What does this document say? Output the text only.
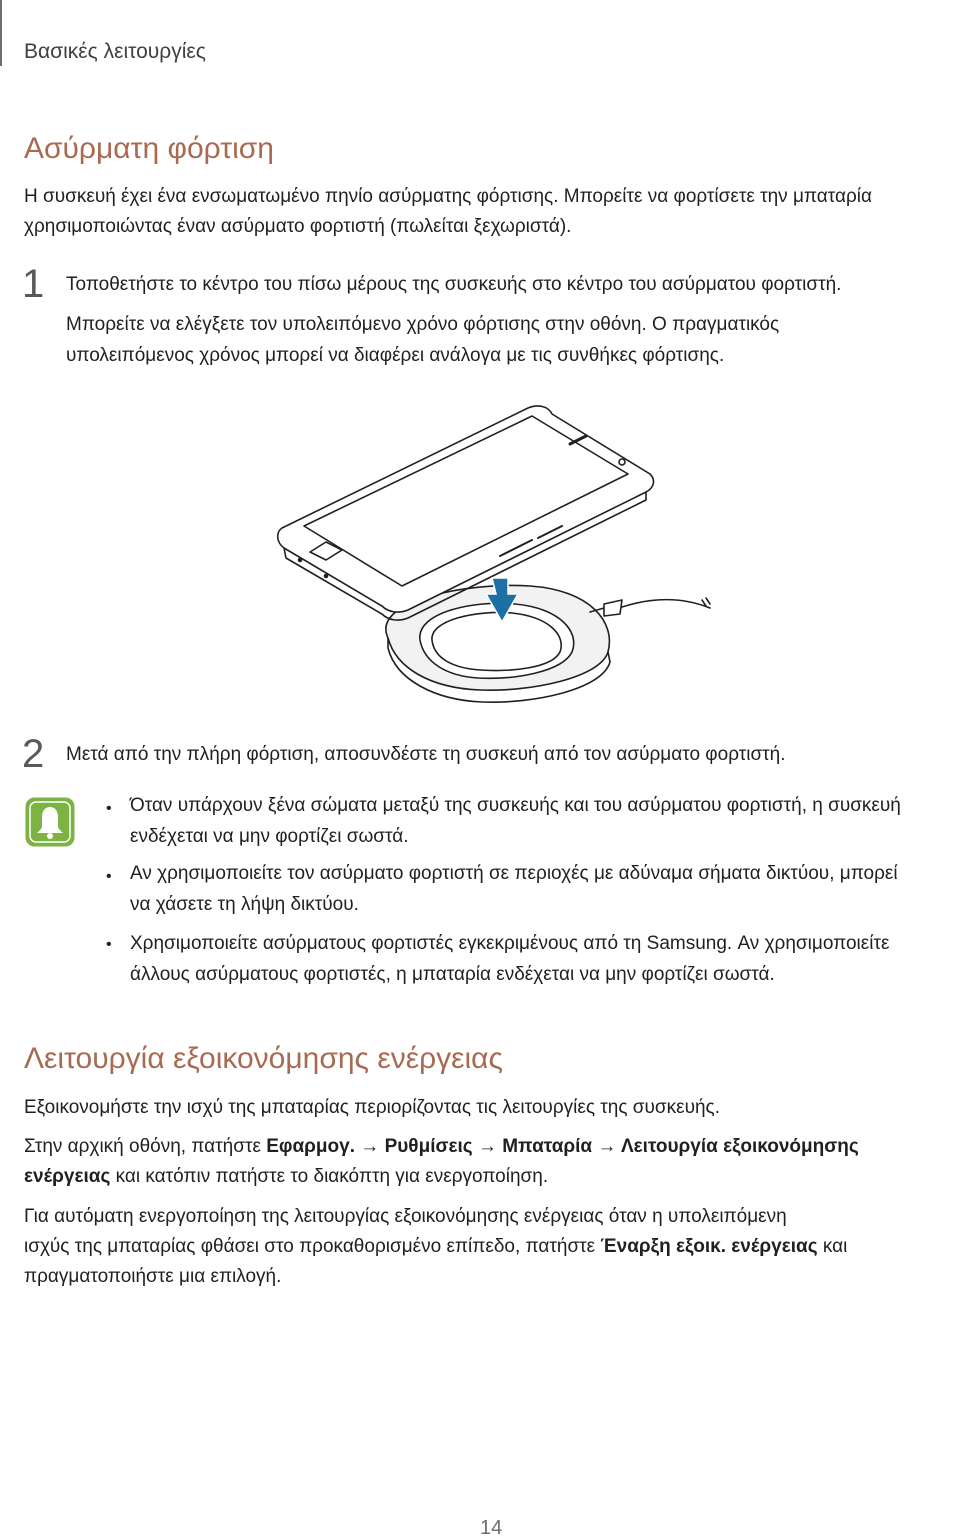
Βασικές λειτουργίες
Ασύρματη φόρτιση
Η συσκευή έχει ένα ενσωματωμένο πηνίο ασύρματης φόρτισης. Μπορείτε να φορτίσετε την μπαταρία
χρησιμοποιώντας έναν ασύρματο φορτιστή (πωλείται ξεχωριστά).
1 Τοποθετήστε το κέντρο του πίσω μέρους της συσκευής στο κέντρο του ασύρματου φορτιστή.
Μπορείτε να ελέγξετε τον υπολειπόμενο χρόνο φόρτισης στην οθόνη. Ο πραγματικός
υπολειπόμενος χρόνος μπορεί να διαφέρει ανάλογα με τις συνθήκες φόρτισης.
2 Μετά από την πλήρη φόρτιση, αποσυνδέστε τη συσκευή από τον ασύρματο φορτιστή.
• Όταν υπάρχουν ξένα σώματα μεταξύ της συσκευής και του ασύρματου φορτιστή, η συσκευή
ενδέχεται να μην φορτίζει σωστά.
• Αν χρησιμοποιείτε τον ασύρματο φορτιστή σε περιοχές με αδύναμα σήματα δικτύου, μπορεί
να χάσετε τη λήψη δικτύου.
• Χρησιμοποιείτε ασύρματους φορτιστές εγκεκριμένους από τη Samsung. Αν χρησιμοποιείτε
άλλους ασύρματους φορτιστές, η μπαταρία ενδέχεται να μην φορτίζει σωστά.
Λειτουργία εξοικονόμησης ενέργειας
Εξοικονομήστε την ισχύ της μπαταρίας περιορίζοντας τις λειτουργίες της συσκευής.
Στην αρχική οθόνη, πατήστε Εφαρμογ. → Ρυθμίσεις → Μπαταρία → Λειτουργία εξοικονόμησης
ενέργειας και κατόπιν πατήστε το διακόπτη για ενεργοποίηση.
Για αυτόματη ενεργοποίηση της λειτουργίας εξοικονόμησης ενέργειας όταν η υπολειπόμενη
ισχύς της μπαταρίας φθάσει στο προκαθορισμένο επίπεδο, πατήστε Έναρξη εξοικ. ενέργειας και
πραγματοποιήστε μια επιλογή.
14
